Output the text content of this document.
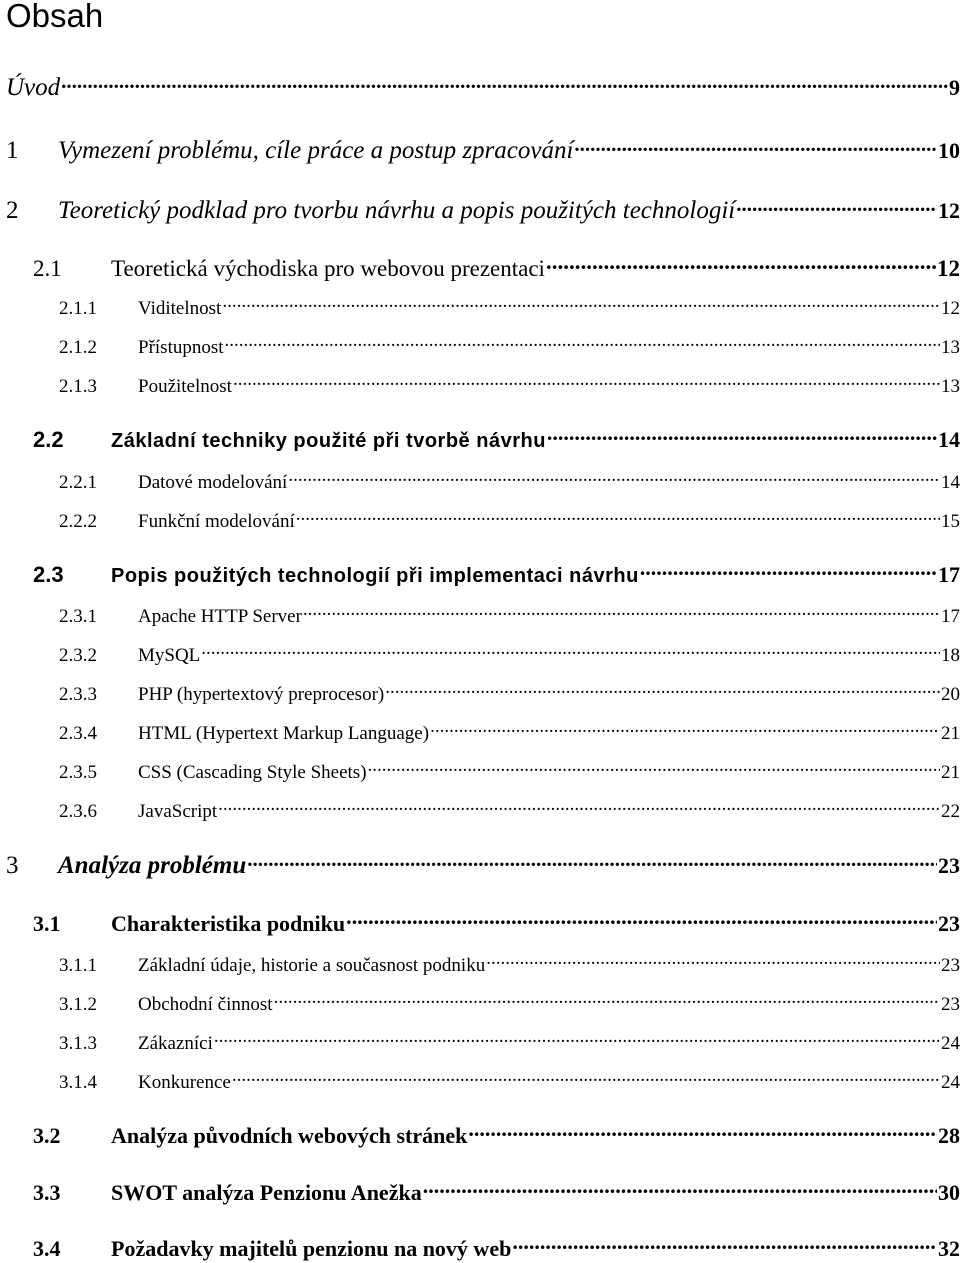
Obsah
Úvod .....	9
1	Vymezení problému, cíle práce a postup zpracování .....	10
2	Teoretický podklad pro tvorbu návrhu a popis použitých technologií .....	12
2.1	Teoretická východiska pro webovou prezentaci .....	12
2.1.1	Viditelnost .....	12
2.1.2	Přístupnost .....	13
2.1.3	Použitelnost .....	13
2.2	Základní techniky použité při tvorbě návrhu .....	14
2.2.1	Datové modelování .....	14
2.2.2	Funkční modelování .....	15
2.3	Popis použitých technologií při implementaci návrhu .....	17
2.3.1	Apache HTTP Server .....	17
2.3.2	MySQL .....	18
2.3.3	PHP (hypertextový preprocesor) .....	20
2.3.4	HTML (Hypertext Markup Language) .....	21
2.3.5	CSS (Cascading Style Sheets) .....	21
2.3.6	JavaScript .....	22
3	Analýza problému .....	23
3.1	Charakteristika podniku .....	23
3.1.1	Základní údaje, historie a současnost podniku .....	23
3.1.2	Obchodní činnost .....	23
3.1.3	Zákazníci .....	24
3.1.4	Konkurence .....	24
3.2	Analýza původních webových stránek .....	28
3.3	SWOT analýza Penzionu Anežka .....	30
3.4	Požadavky majitelů penzionu na nový web .....	32
